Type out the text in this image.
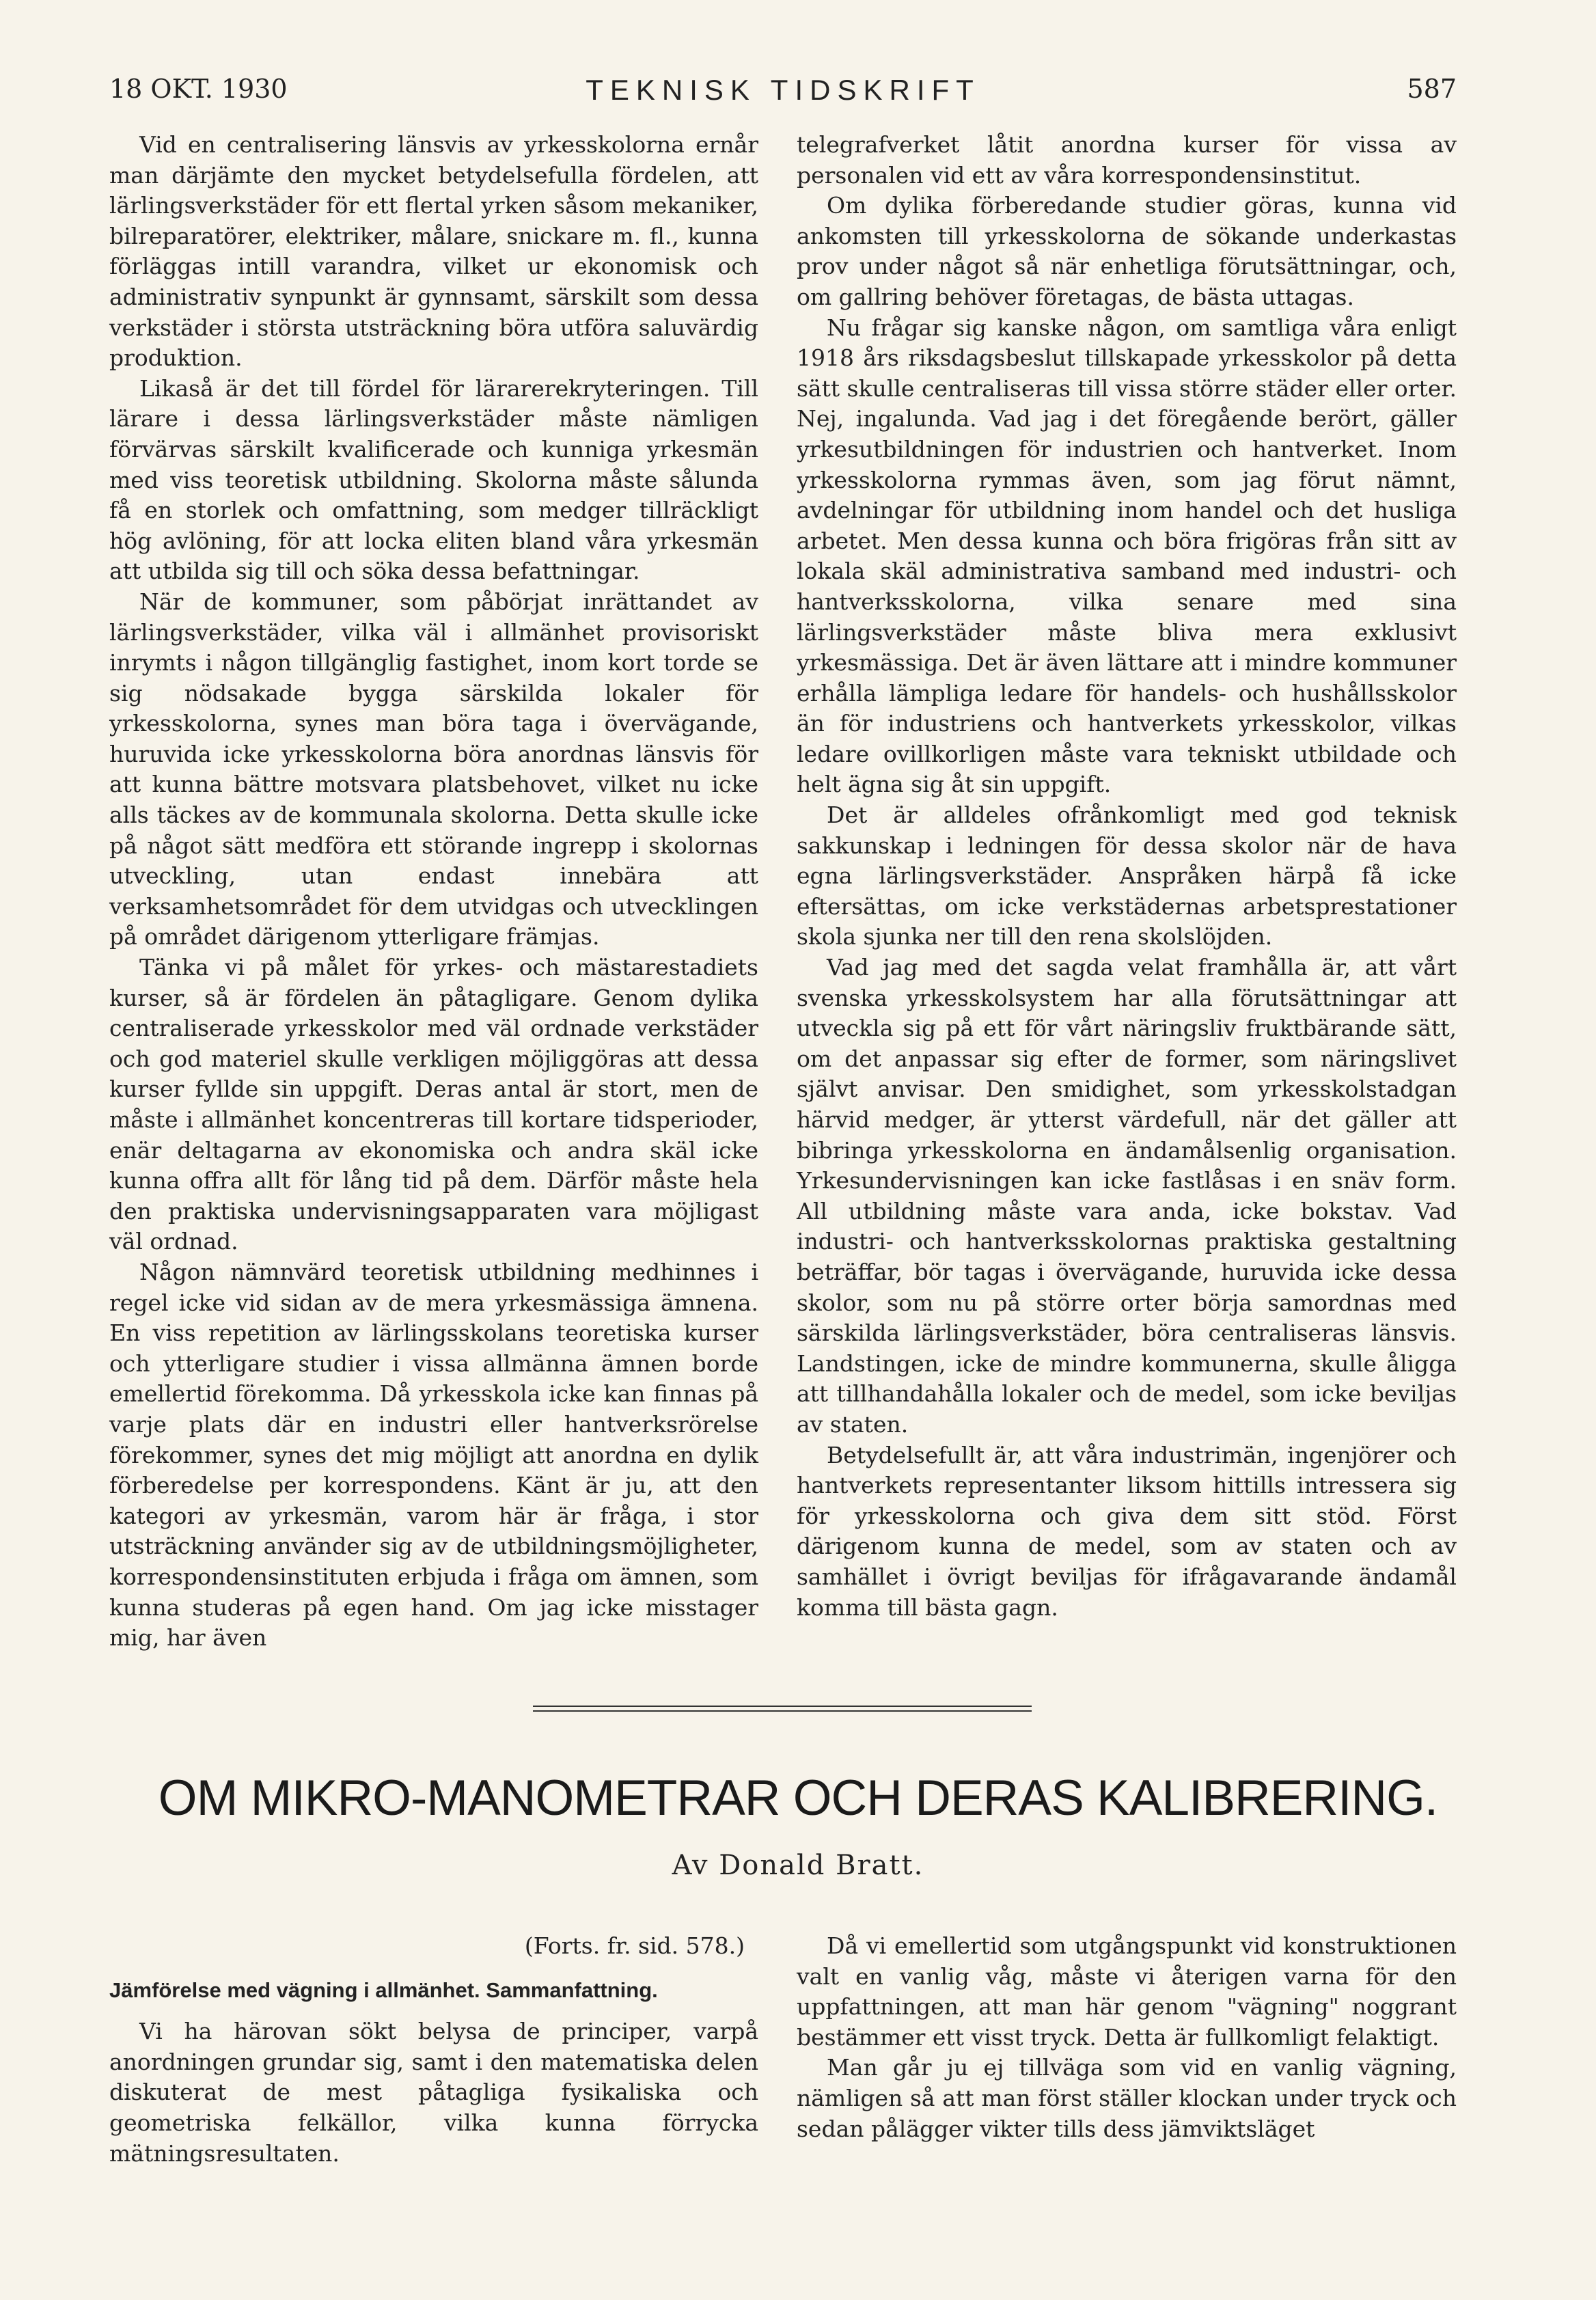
18 OKT. 1930	TEKNISK TIDSKRIFT	587

Vid en centralisering länsvis av yrkesskolorna ernår man därjämte den mycket betydelsefulla fördelen, att lärlingsverkstäder för ett flertal yrken såsom mekaniker, bilreparatörer, elektriker, målare, snickare m. fl., kunna förläggas intill varandra, vilket ur ekonomisk och administrativ synpunkt är gynnsamt, särskilt som dessa verkstäder i största utsträckning böra utföra saluvärdig produktion.

Likaså är det till fördel för lärarerekryteringen. Till lärare i dessa lärlingsverkstäder måste nämligen förvärvas särskilt kvalificerade och kunniga yrkesmän med viss teoretisk utbildning. Skolorna måste sålunda få en storlek och omfattning, som medger tillräckligt hög avlöning, för att locka eliten bland våra yrkesmän att utbilda sig till och söka dessa befattningar.

När de kommuner, som påbörjat inrättandet av lärlingsverkstäder, vilka väl i allmänhet provisoriskt inrymts i någon tillgänglig fastighet, inom kort torde se sig nödsakade bygga särskilda lokaler för yrkesskolorna, synes man böra taga i övervägande, huruvida icke yrkesskolorna böra anordnas länsvis för att kunna bättre motsvara platsbehovet, vilket nu icke alls täckes av de kommunala skolorna. Detta skulle icke på något sätt medföra ett störande ingrepp i skolornas utveckling, utan endast innebära att verksamhetsområdet för dem utvidgas och utvecklingen på området därigenom ytterligare främjas.

Tänka vi på målet för yrkes- och mästarestadiets kurser, så är fördelen än påtagligare. Genom dylika centraliserade yrkesskolor med väl ordnade verkstäder och god materiel skulle verkligen möjliggöras att dessa kurser fyllde sin uppgift. Deras antal är stort, men de måste i allmänhet koncentreras till kortare tidsperioder, enär deltagarna av ekonomiska och andra skäl icke kunna offra allt för lång tid på dem. Därför måste hela den praktiska undervisningsapparaten vara möjligast väl ordnad.

Någon nämnvärd teoretisk utbildning medhinnes i regel icke vid sidan av de mera yrkesmässiga ämnena. En viss repetition av lärlingsskolans teoretiska kurser och ytterligare studier i vissa allmänna ämnen borde emellertid förekomma. Då yrkesskola icke kan finnas på varje plats där en industri eller hantverksrörelse förekommer, synes det mig möjligt att anordna en dylik förberedelse per korrespondens. Känt är ju, att den kategori av yrkesmän, varom här är fråga, i stor utsträckning använder sig av de utbildningsmöjligheter, korrespondensinstituten erbjuda i fråga om ämnen, som kunna studeras på egen hand. Om jag icke misstager mig, har även

telegrafverket låtit anordna kurser för vissa av personalen vid ett av våra korrespondensinstitut.

Om dylika förberedande studier göras, kunna vid ankomsten till yrkesskolorna de sökande underkastas prov under något så när enhetliga förutsättningar, och, om gallring behöver företagas, de bästa uttagas.

Nu frågar sig kanske någon, om samtliga våra enligt 1918 års riksdagsbeslut tillskapade yrkesskolor på detta sätt skulle centraliseras till vissa större städer eller orter. Nej, ingalunda. Vad jag i det föregående berört, gäller yrkesutbildningen för industrien och hantverket. Inom yrkesskolorna rymmas även, som jag förut nämnt, avdelningar för utbildning inom handel och det husliga arbetet. Men dessa kunna och böra frigöras från sitt av lokala skäl administrativa samband med industri- och hantverksskolorna, vilka senare med sina lärlingsverkstäder måste bliva mera exklusivt yrkesmässiga. Det är även lättare att i mindre kommuner erhålla lämpliga ledare för handels- och hushållsskolor än för industriens och hantverkets yrkesskolor, vilkas ledare ovillkorligen måste vara tekniskt utbildade och helt ägna sig åt sin uppgift.

Det är alldeles ofrånkomligt med god teknisk sakkunskap i ledningen för dessa skolor när de hava egna lärlingsverkstäder. Anspråken härpå få icke eftersättas, om icke verkstädernas arbetsprestationer skola sjunka ner till den rena skolslöjden.

Vad jag med det sagda velat framhålla är, att vårt svenska yrkesskolsystem har alla förutsättningar att utveckla sig på ett för vårt näringsliv fruktbärande sätt, om det anpassar sig efter de former, som näringslivet självt anvisar. Den smidighet, som yrkesskolstadgan härvid medger, är ytterst värdefull, när det gäller att bibringa yrkesskolorna en ändamålsenlig organisation. Yrkesundervisningen kan icke fastlåsas i en snäv form. All utbildning måste vara anda, icke bokstav. Vad industri- och hantverksskolornas praktiska gestaltning beträffar, bör tagas i övervägande, huruvida icke dessa skolor, som nu på större orter börja samordnas med särskilda lärlingsverkstäder, böra centraliseras länsvis. Landstingen, icke de mindre kommunerna, skulle åligga att tillhandahålla lokaler och de medel, som icke beviljas av staten.

Betydelsefullt är, att våra industrimän, ingenjörer och hantverkets representanter liksom hittills intressera sig för yrkesskolorna och giva dem sitt stöd. Först därigenom kunna de medel, som av staten och av samhället i övrigt beviljas för ifrågavarande ändamål komma till bästa gagn.

OM MIKRO-MANOMETRAR OCH DERAS KALIBRERING.
Av Donald Bratt.

(Forts. fr. sid. 578.)

Jämförelse med vägning i allmänhet. Sammanfattning.

Vi ha härovan sökt belysa de principer, varpå anordningen grundar sig, samt i den matematiska delen diskuterat de mest påtagliga fysikaliska och geometriska felkällor, vilka kunna förrycka mätningsresultaten.

Då vi emellertid som utgångspunkt vid konstruktionen valt en vanlig våg, måste vi återigen varna för den uppfattningen, att man här genom "vägning" noggrant bestämmer ett visst tryck. Detta är fullkomligt felaktigt.

Man går ju ej tillväga som vid en vanlig vägning, nämligen så att man först ställer klockan under tryck och sedan pålägger vikter tills dess jämviktsläget
